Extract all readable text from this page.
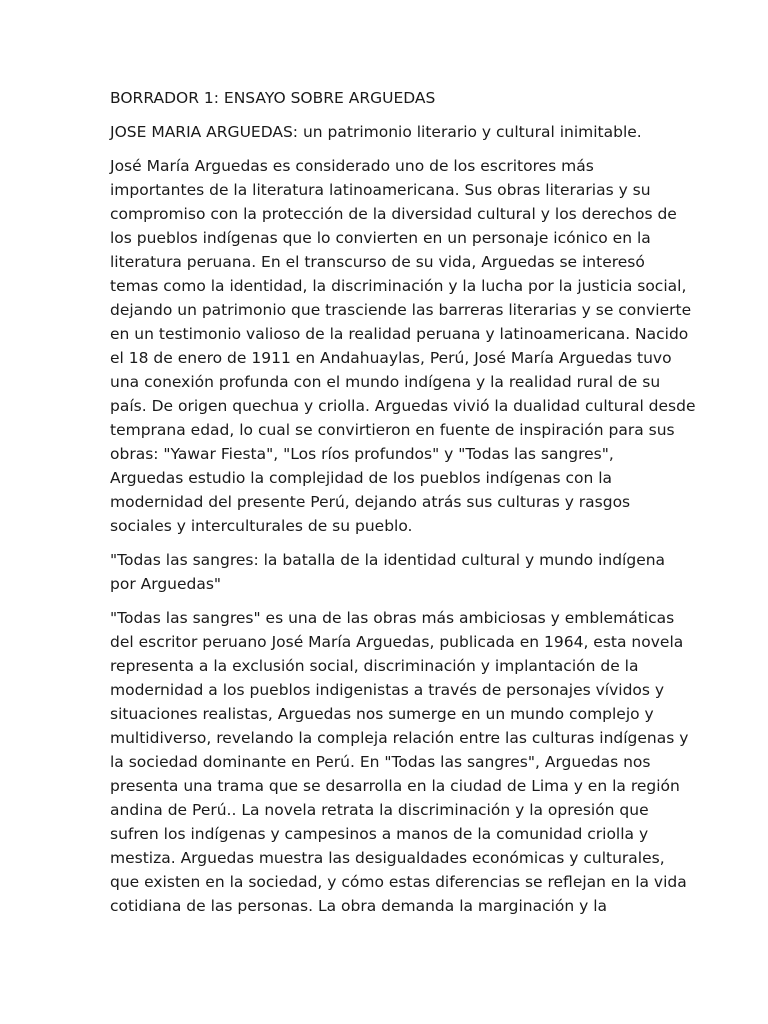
BORRADOR 1: ENSAYO SOBRE ARGUEDAS
JOSE MARIA ARGUEDAS: un patrimonio literario y cultural inimitable.
José María Arguedas es considerado uno de los escritores más
importantes de la literatura latinoamericana. Sus obras literarias y su
compromiso con la protección de la diversidad cultural y los derechos de
los pueblos indígenas que lo convierten en un personaje icónico en la
literatura peruana. En el transcurso de su vida, Arguedas se interesó
temas como la identidad, la discriminación y la lucha por la justicia social,
dejando un patrimonio que trasciende las barreras literarias y se convierte
en un testimonio valioso de la realidad peruana y latinoamericana. Nacido
el 18 de enero de 1911 en Andahuaylas, Perú, José María Arguedas tuvo
una conexión profunda con el mundo indígena y la realidad rural de su
país. De origen quechua y criolla. Arguedas vivió la dualidad cultural desde
temprana edad, lo cual se convirtieron en fuente de inspiración para sus
obras: "Yawar Fiesta", "Los ríos profundos" y "Todas las sangres",
Arguedas estudio la complejidad de los pueblos indígenas con la
modernidad del presente Perú, dejando atrás sus culturas y rasgos
sociales y interculturales de su pueblo.
"Todas las sangres: la batalla de la identidad cultural y mundo indígena
por Arguedas"
"Todas las sangres" es una de las obras más ambiciosas y emblemáticas
del escritor peruano José María Arguedas, publicada en 1964, esta novela
representa a la exclusión social, discriminación y implantación de la
modernidad a los pueblos indigenistas a través de personajes vívidos y
situaciones realistas, Arguedas nos sumerge en un mundo complejo y
multidiverso, revelando la compleja relación entre las culturas indígenas y
la sociedad dominante en Perú. En "Todas las sangres", Arguedas nos
presenta una trama que se desarrolla en la ciudad de Lima y en la región
andina de Perú.. La novela retrata la discriminación y la opresión que
sufren los indígenas y campesinos a manos de la comunidad criolla y
mestiza. Arguedas muestra las desigualdades económicas y culturales,
que existen en la sociedad, y cómo estas diferencias se reflejan en la vida
cotidiana de las personas. La obra demanda la marginación y la
